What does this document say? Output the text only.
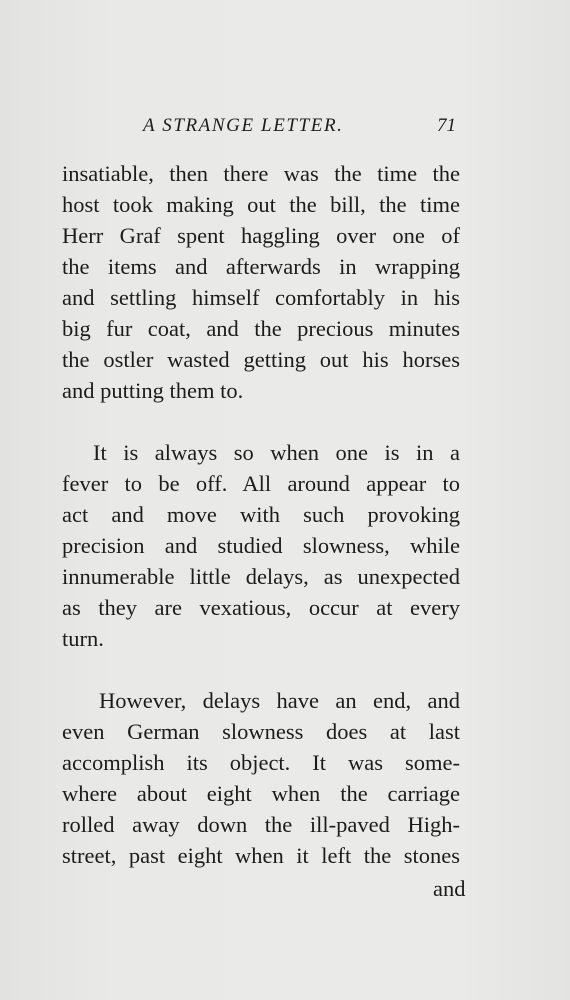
A STRANGE LETTER.	71

insatiable, then there was the time the
host took making out the bill, the time
Herr Graf spent haggling over one of
the items and afterwards in wrapping
and settling himself comfortably in his
big fur coat, and the precious minutes
the ostler wasted getting out his horses
and putting them to.

It is always so when one is in a
fever to be off. All around appear to
act and move with such provoking
precision and studied slowness, while
innumerable little delays, as unexpected
as they are vexatious, occur at every
turn.

However, delays have an end, and
even German slowness does at last
accomplish its object. It was some-
where about eight when the carriage
rolled away down the ill-paved High-
street, past eight when it left the stones

and
